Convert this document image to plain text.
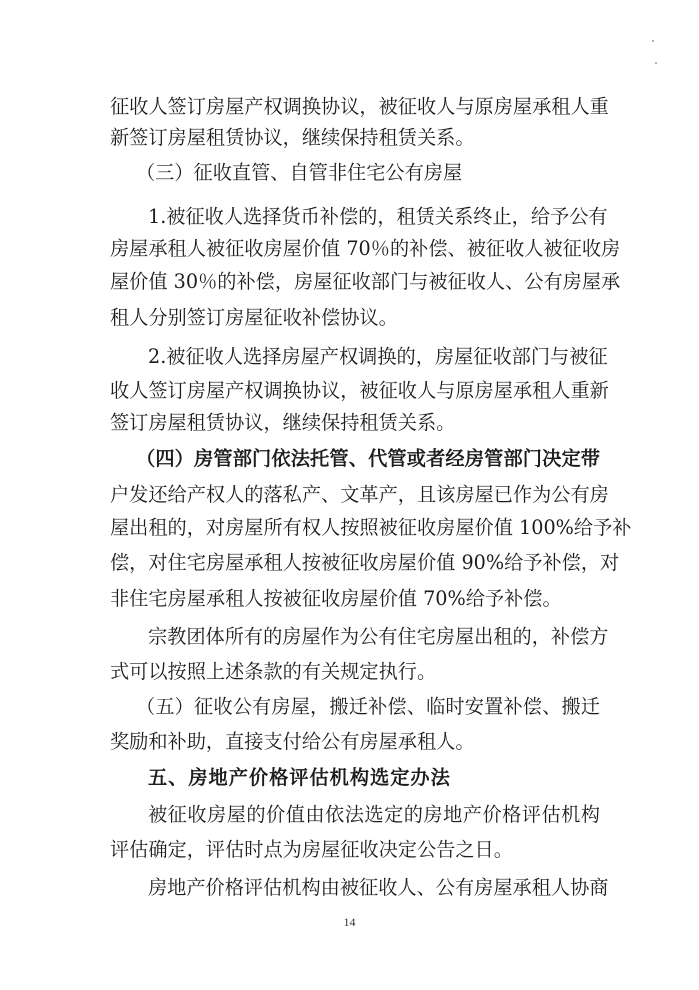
征收人签订房屋产权调换协议，被征收人与原房屋承租人重
新签订房屋租赁协议，继续保持租赁关系。
（三）征收直管、自管非住宅公有房屋
1.被征收人选择货币补偿的，租赁关系终止，给予公有
房屋承租人被征收房屋价值 70％的补偿、被征收人被征收房
屋价值 30％的补偿，房屋征收部门与被征收人、公有房屋承
租人分别签订房屋征收补偿协议。
2.被征收人选择房屋产权调换的，房屋征收部门与被征
收人签订房屋产权调换协议，被征收人与原房屋承租人重新
签订房屋租赁协议，继续保持租赁关系。
（四）房管部门依法托管、代管或者经房管部门决定带
户发还给产权人的落私产、文革产，且该房屋已作为公有房
屋出租的，对房屋所有权人按照被征收房屋价值 100%给予补
偿，对住宅房屋承租人按被征收房屋价值 90%给予补偿，对
非住宅房屋承租人按被征收房屋价值 70%给予补偿。
宗教团体所有的房屋作为公有住宅房屋出租的，补偿方
式可以按照上述条款的有关规定执行。
（五）征收公有房屋，搬迁补偿、临时安置补偿、搬迁
奖励和补助，直接支付给公有房屋承租人。
五、房地产价格评估机构选定办法
被征收房屋的价值由依法选定的房地产价格评估机构
评估确定，评估时点为房屋征收决定公告之日。
房地产价格评估机构由被征收人、公有房屋承租人协商
14
